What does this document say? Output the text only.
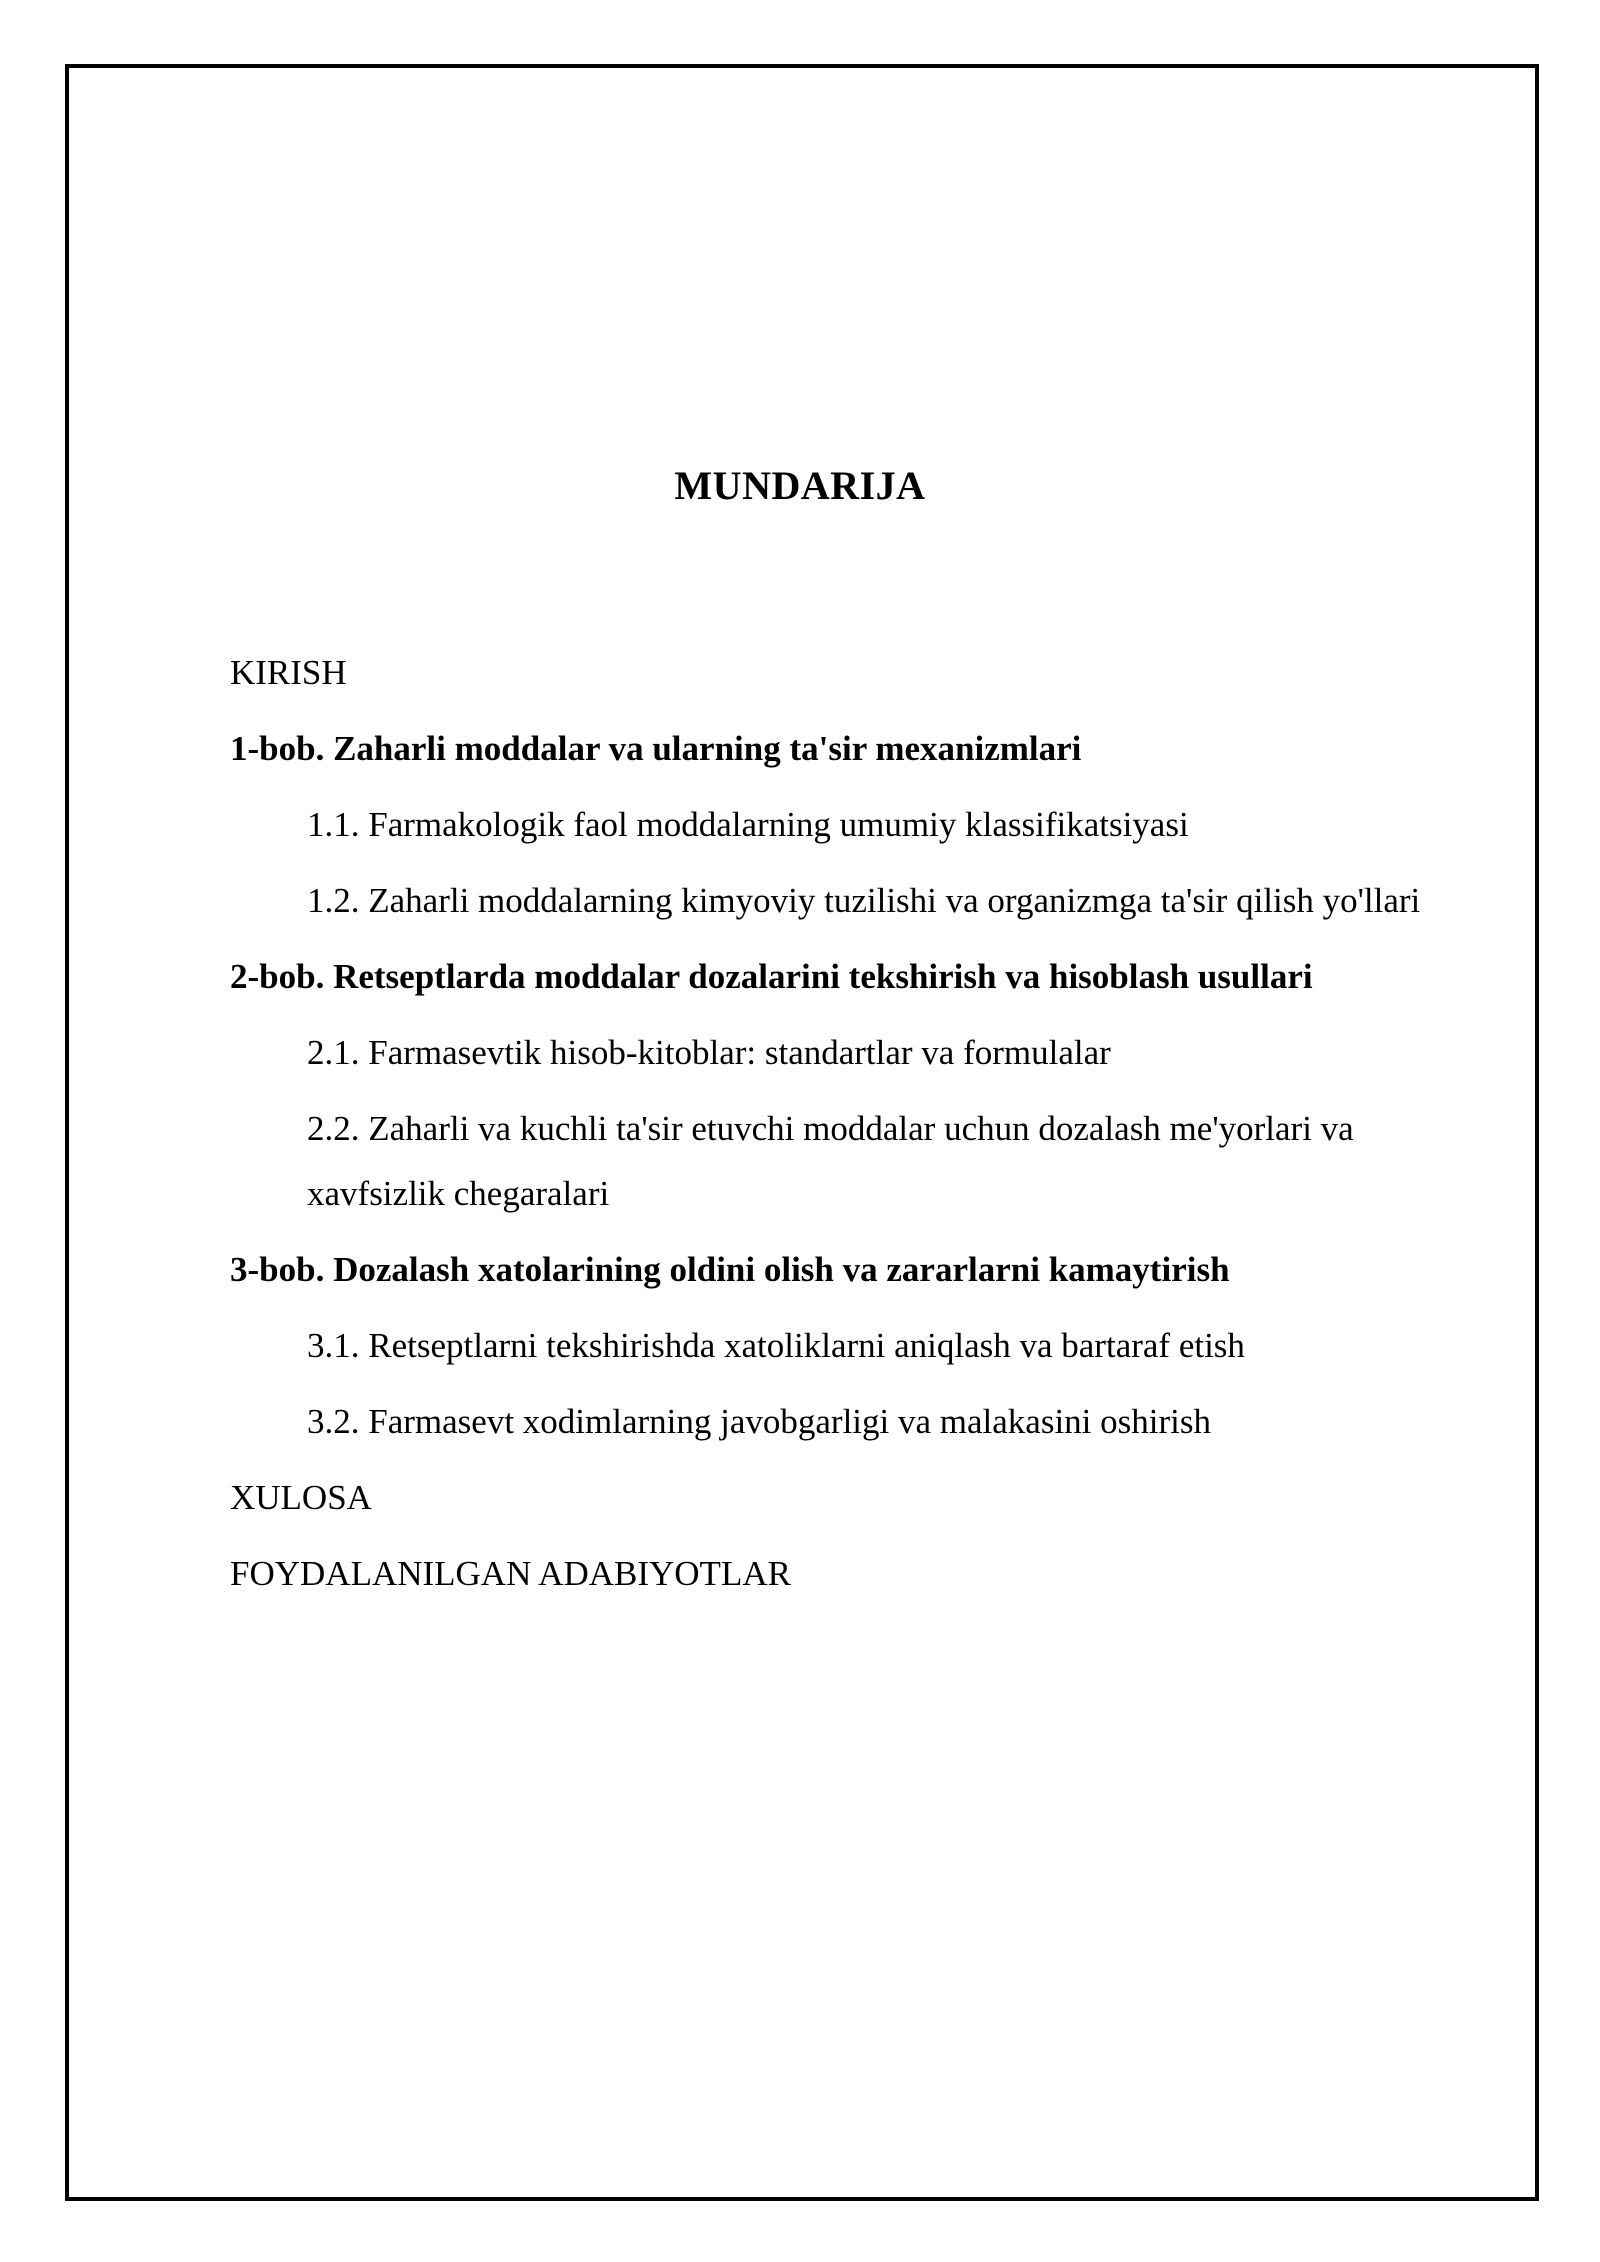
MUNDARIJA
KIRISH
1-bob. Zaharli moddalar va ularning ta'sir mexanizmlari
1.1. Farmakologik faol moddalarning umumiy klassifikatsiyasi
1.2. Zaharli moddalarning kimyoviy tuzilishi va organizmga ta'sir qilish yo'llari
2-bob. Retseptlarda moddalar dozalarini tekshirish va hisoblash usullari
2.1. Farmasevtik hisob-kitoblar: standartlar va formulalar
2.2. Zaharli va kuchli ta'sir etuvchi moddalar uchun dozalash me'yorlari va xavfsizlik chegaralari
3-bob. Dozalash xatolarining oldini olish va zararlarni kamaytirish
3.1. Retseptlarni tekshirishda xatoliklarni aniqlash va bartaraf etish
3.2. Farmasevt xodimlarning javobgarligi va malakasini oshirish
XULOSA
FOYDALANILGAN ADABIYOTLAR
